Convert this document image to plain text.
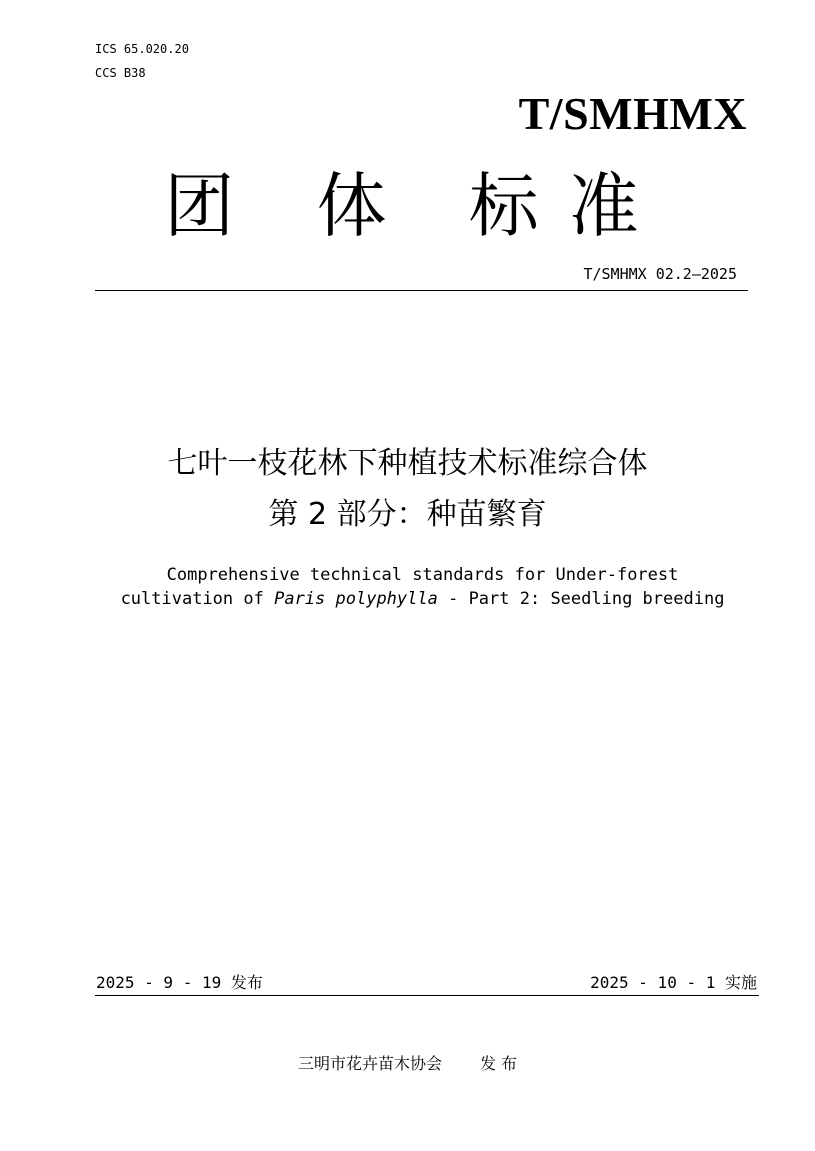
ICS 65.020.20
CCS B38
T/SMHMX
团 体 标准
T/SMHMX 02.2—2025
七叶一枝花林下种植技术标准综合体
第 2 部分：种苗繁育
Comprehensive technical standards for Under-forest
cultivation of Paris polyphylla - Part 2: Seedling breeding
2025 - 9 - 19 发布	2025 - 10 - 1 实施
三明市花卉苗木协会 发 布
